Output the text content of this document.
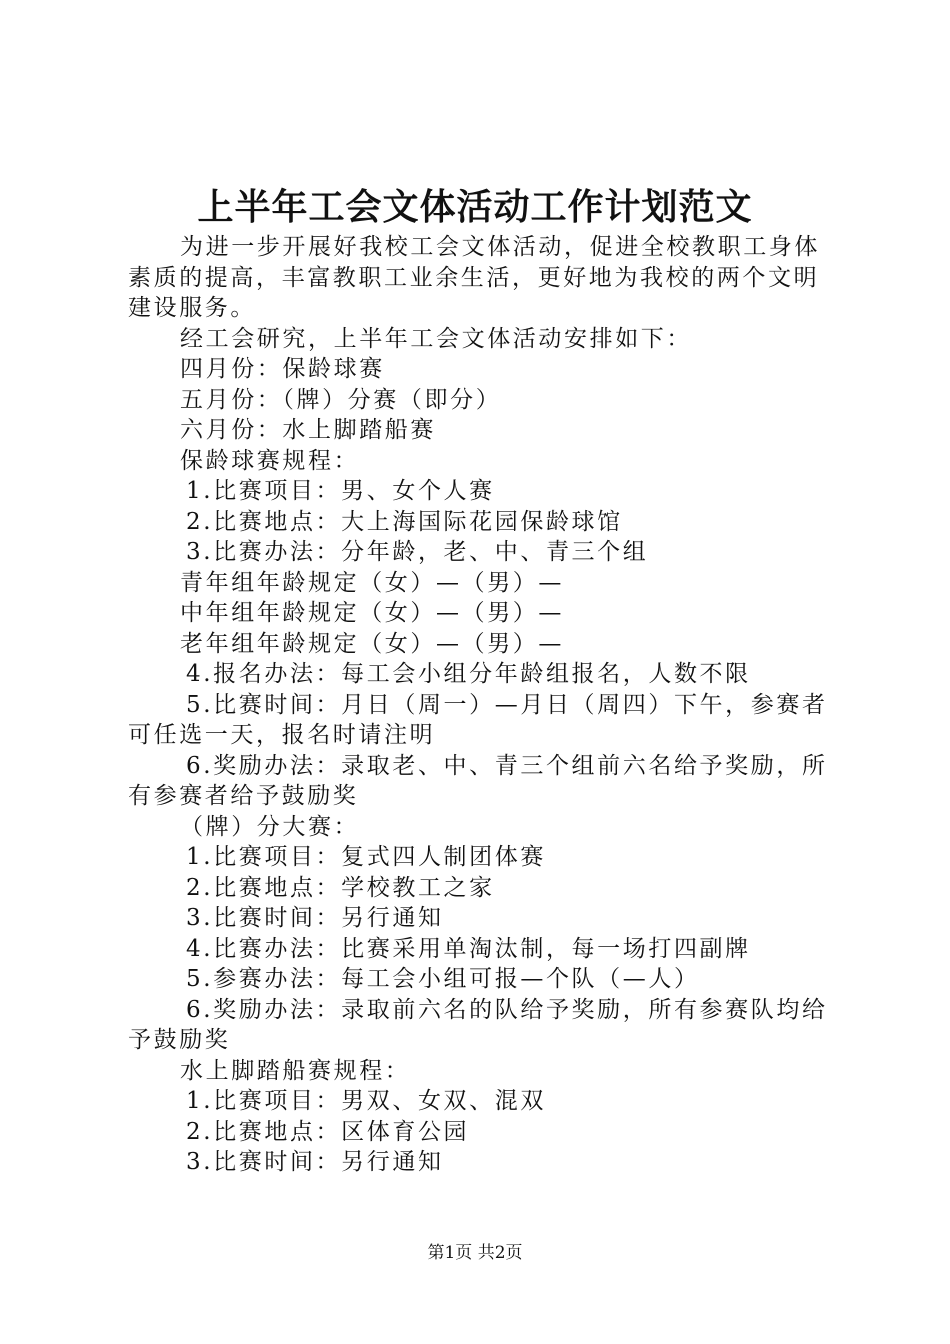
上半年工会文体活动工作计划范文
为进一步开展好我校工会文体活动，促进全校教职工身体
素质的提高，丰富教职工业余生活，更好地为我校的两个文明
建设服务。
经工会研究，上半年工会文体活动安排如下：
四月份：保龄球赛
五月份：（牌）分赛（即分）
六月份：水上脚踏船赛
保龄球赛规程：
1.比赛项目：男、女个人赛
2.比赛地点：大上海国际花园保龄球馆
3.比赛办法：分年龄，老、中、青三个组
青年组年龄规定（女）—（男）—
中年组年龄规定（女）—（男）—
老年组年龄规定（女）—（男）—
4.报名办法：每工会小组分年龄组报名，人数不限
5.比赛时间：月日（周一）—月日（周四）下午，参赛者
可任选一天，报名时请注明
6.奖励办法：录取老、中、青三个组前六名给予奖励，所
有参赛者给予鼓励奖
（牌）分大赛：
1.比赛项目：复式四人制团体赛
2.比赛地点：学校教工之家
3.比赛时间：另行通知
4.比赛办法：比赛采用单淘汰制，每一场打四副牌
5.参赛办法：每工会小组可报—个队（—人）
6.奖励办法：录取前六名的队给予奖励，所有参赛队均给
予鼓励奖
水上脚踏船赛规程：
1.比赛项目：男双、女双、混双
2.比赛地点：区体育公园
3.比赛时间：另行通知
第1页 共2页
